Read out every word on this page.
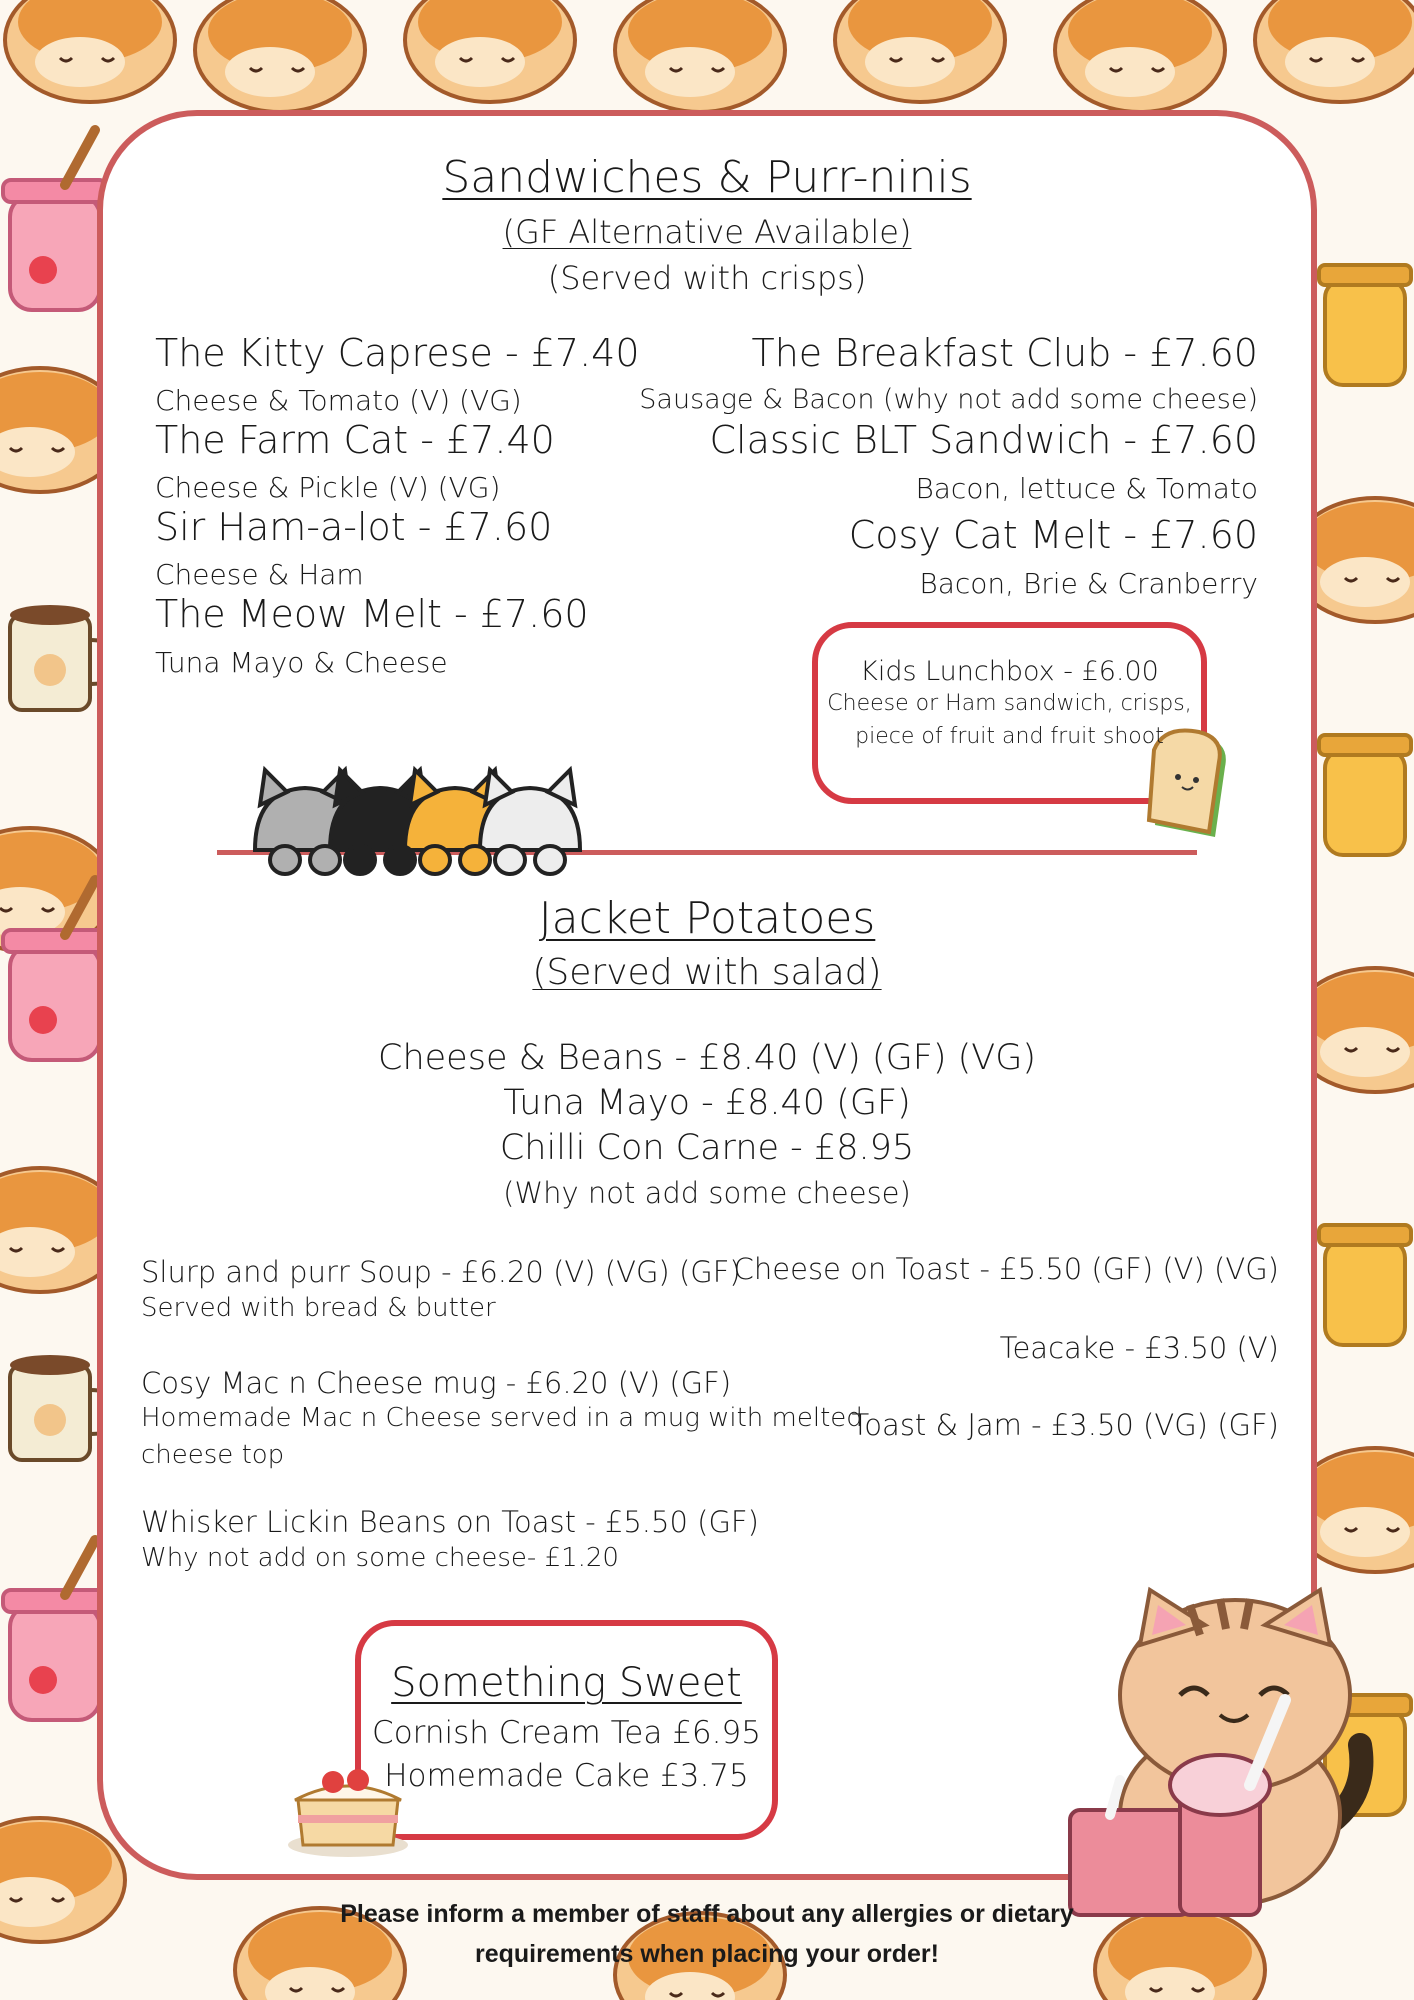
Sandwiches & Purr-ninis
(GF Alternative Available)
(Served with crisps)
The Kitty Caprese - £7.40
Cheese & Tomato (V) (VG)
The Farm Cat - £7.40
Cheese & Pickle (V) (VG)
Sir Ham-a-lot - £7.60
Cheese & Ham
The Meow Melt - £7.60
Tuna Mayo & Cheese
The Breakfast Club - £7.60
Sausage & Bacon (why not add some cheese)
Classic BLT Sandwich - £7.60
Bacon, lettuce & Tomato
Cosy Cat Melt - £7.60
Bacon, Brie & Cranberry
Kids Lunchbox - £6.00
Cheese or Ham sandwich, crisps,
piece of fruit and fruit shoot
Jacket Potatoes
(Served with salad)
Cheese & Beans - £8.40 (V) (GF) (VG)
Tuna Mayo - £8.40 (GF)
Chilli Con Carne - £8.95
(Why not add some cheese)
Slurp and purr Soup - £6.20 (V) (VG) (GF)
Served with bread & butter
Cosy Mac n Cheese mug - £6.20 (V) (GF)
Homemade Mac n Cheese served in a mug with melted
cheese top
Whisker Lickin Beans on Toast - £5.50 (GF)
Why not add on some cheese- £1.20
Cheese on Toast - £5.50 (GF) (V) (VG)
Teacake - £3.50 (V)
Toast & Jam - £3.50 (VG) (GF)
Something Sweet
Cornish Cream Tea £6.95
Homemade Cake £3.75
Please inform a member of staff about any allergies or dietary
requirements when placing your order!
